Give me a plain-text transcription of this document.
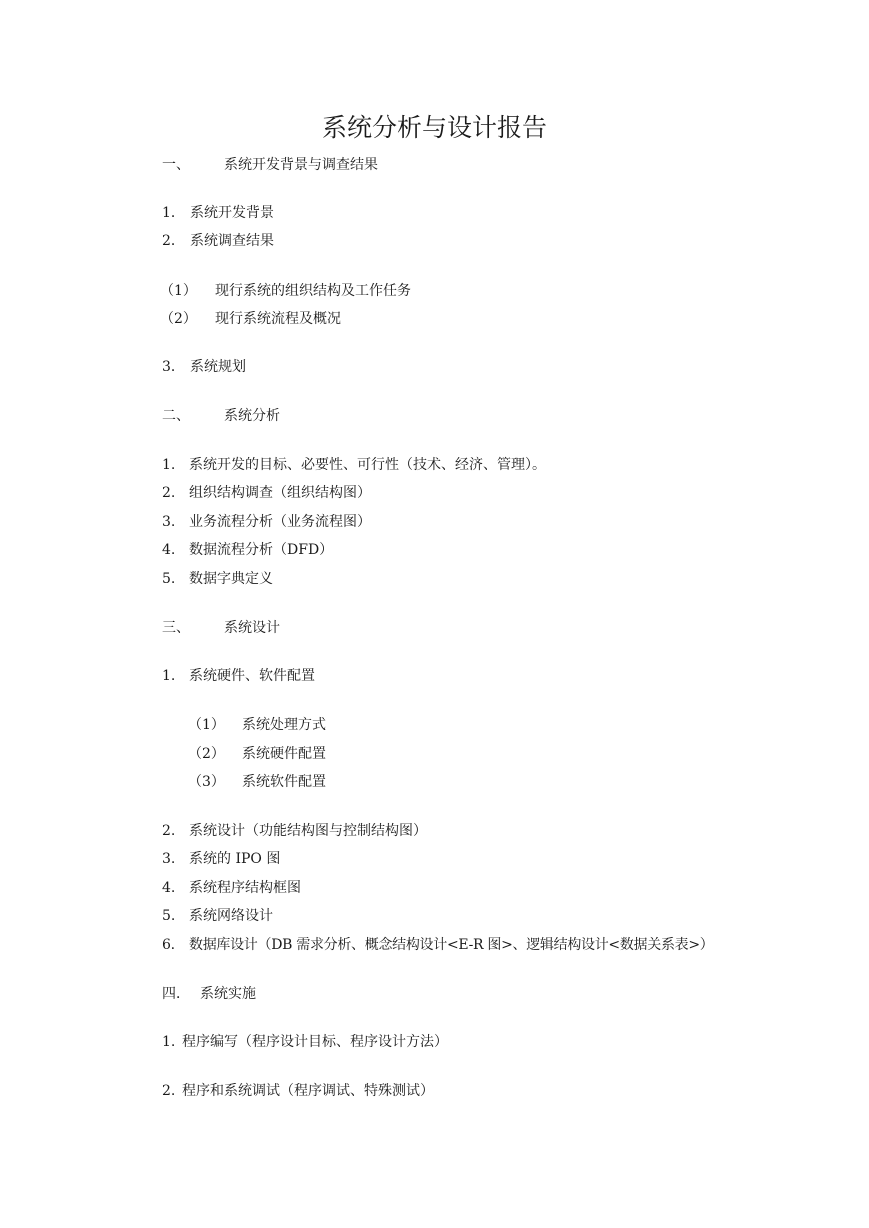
系统分析与设计报告
一、 系统开发背景与调查结果
1． 系统开发背景
2． 系统调查结果
（1） 现行系统的组织结构及工作任务
（2） 现行系统流程及概况
3． 系统规划
二、 系统分析
1. 系统开发的目标、必要性、可行性（技术、经济、管理）。
2. 组织结构调查（组织结构图）
3. 业务流程分析（业务流程图）
4. 数据流程分析（DFD）
5. 数据字典定义
三、 系统设计
1. 系统硬件、软件配置
（1） 系统处理方式
（2） 系统硬件配置
（3） 系统软件配置
2. 系统设计（功能结构图与控制结构图）
3. 系统的 IPO 图
4. 系统程序结构框图
5. 系统网络设计
6. 数据库设计（DB 需求分析、概念结构设计<E-R 图>、逻辑结构设计<数据关系表>）
四． 系统实施
1. 程序编写（程序设计目标、程序设计方法）
2. 程序和系统调试（程序调试、特殊测试）
